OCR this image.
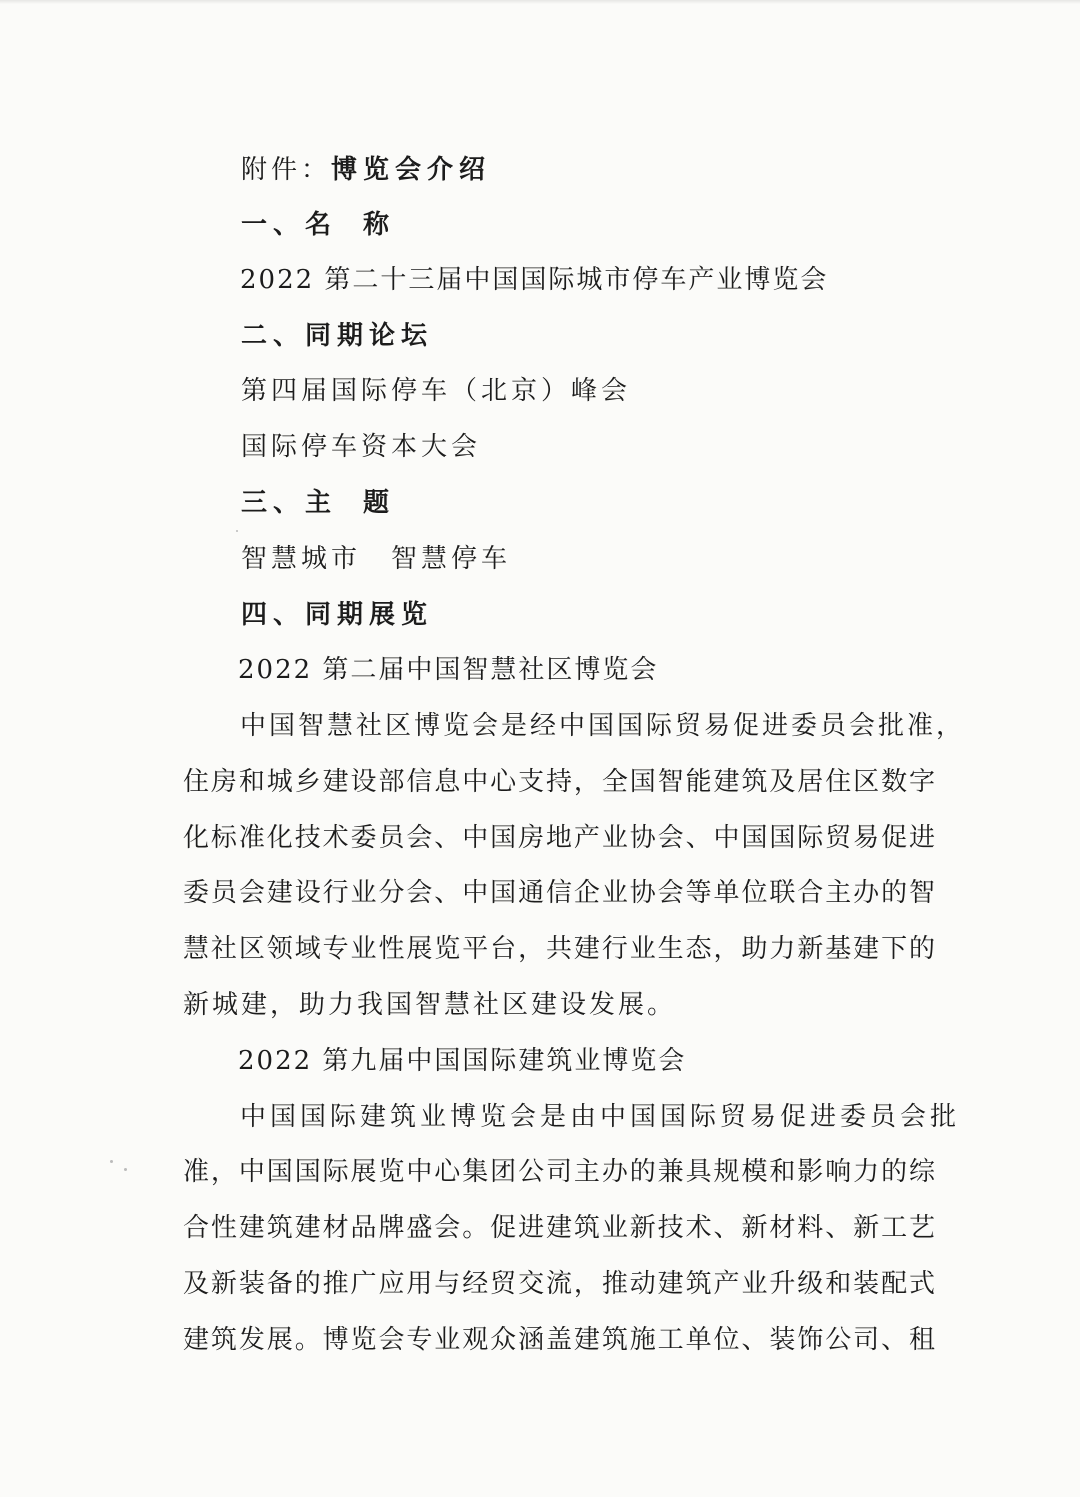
附件：博览会介绍
一、名 称
2022 第二十三届中国国际城市停车产业博览会
二、同期论坛
第四届国际停车（北京）峰会
国际停车资本大会
三、主 题
智慧城市 智慧停车
四、同期展览
2022 第二届中国智慧社区博览会
中国智慧社区博览会是经中国国际贸易促进委员会批准，
住房和城乡建设部信息中心支持，全国智能建筑及居住区数字
化标准化技术委员会、中国房地产业协会、中国国际贸易促进
委员会建设行业分会、中国通信企业协会等单位联合主办的智
慧社区领域专业性展览平台，共建行业生态，助力新基建下的
新城建，助力我国智慧社区建设发展。
2022 第九届中国国际建筑业博览会
中国国际建筑业博览会是由中国国际贸易促进委员会批
准，中国国际展览中心集团公司主办的兼具规模和影响力的综
合性建筑建材品牌盛会。促进建筑业新技术、新材料、新工艺
及新装备的推广应用与经贸交流，推动建筑产业升级和装配式
建筑发展。博览会专业观众涵盖建筑施工单位、装饰公司、租
